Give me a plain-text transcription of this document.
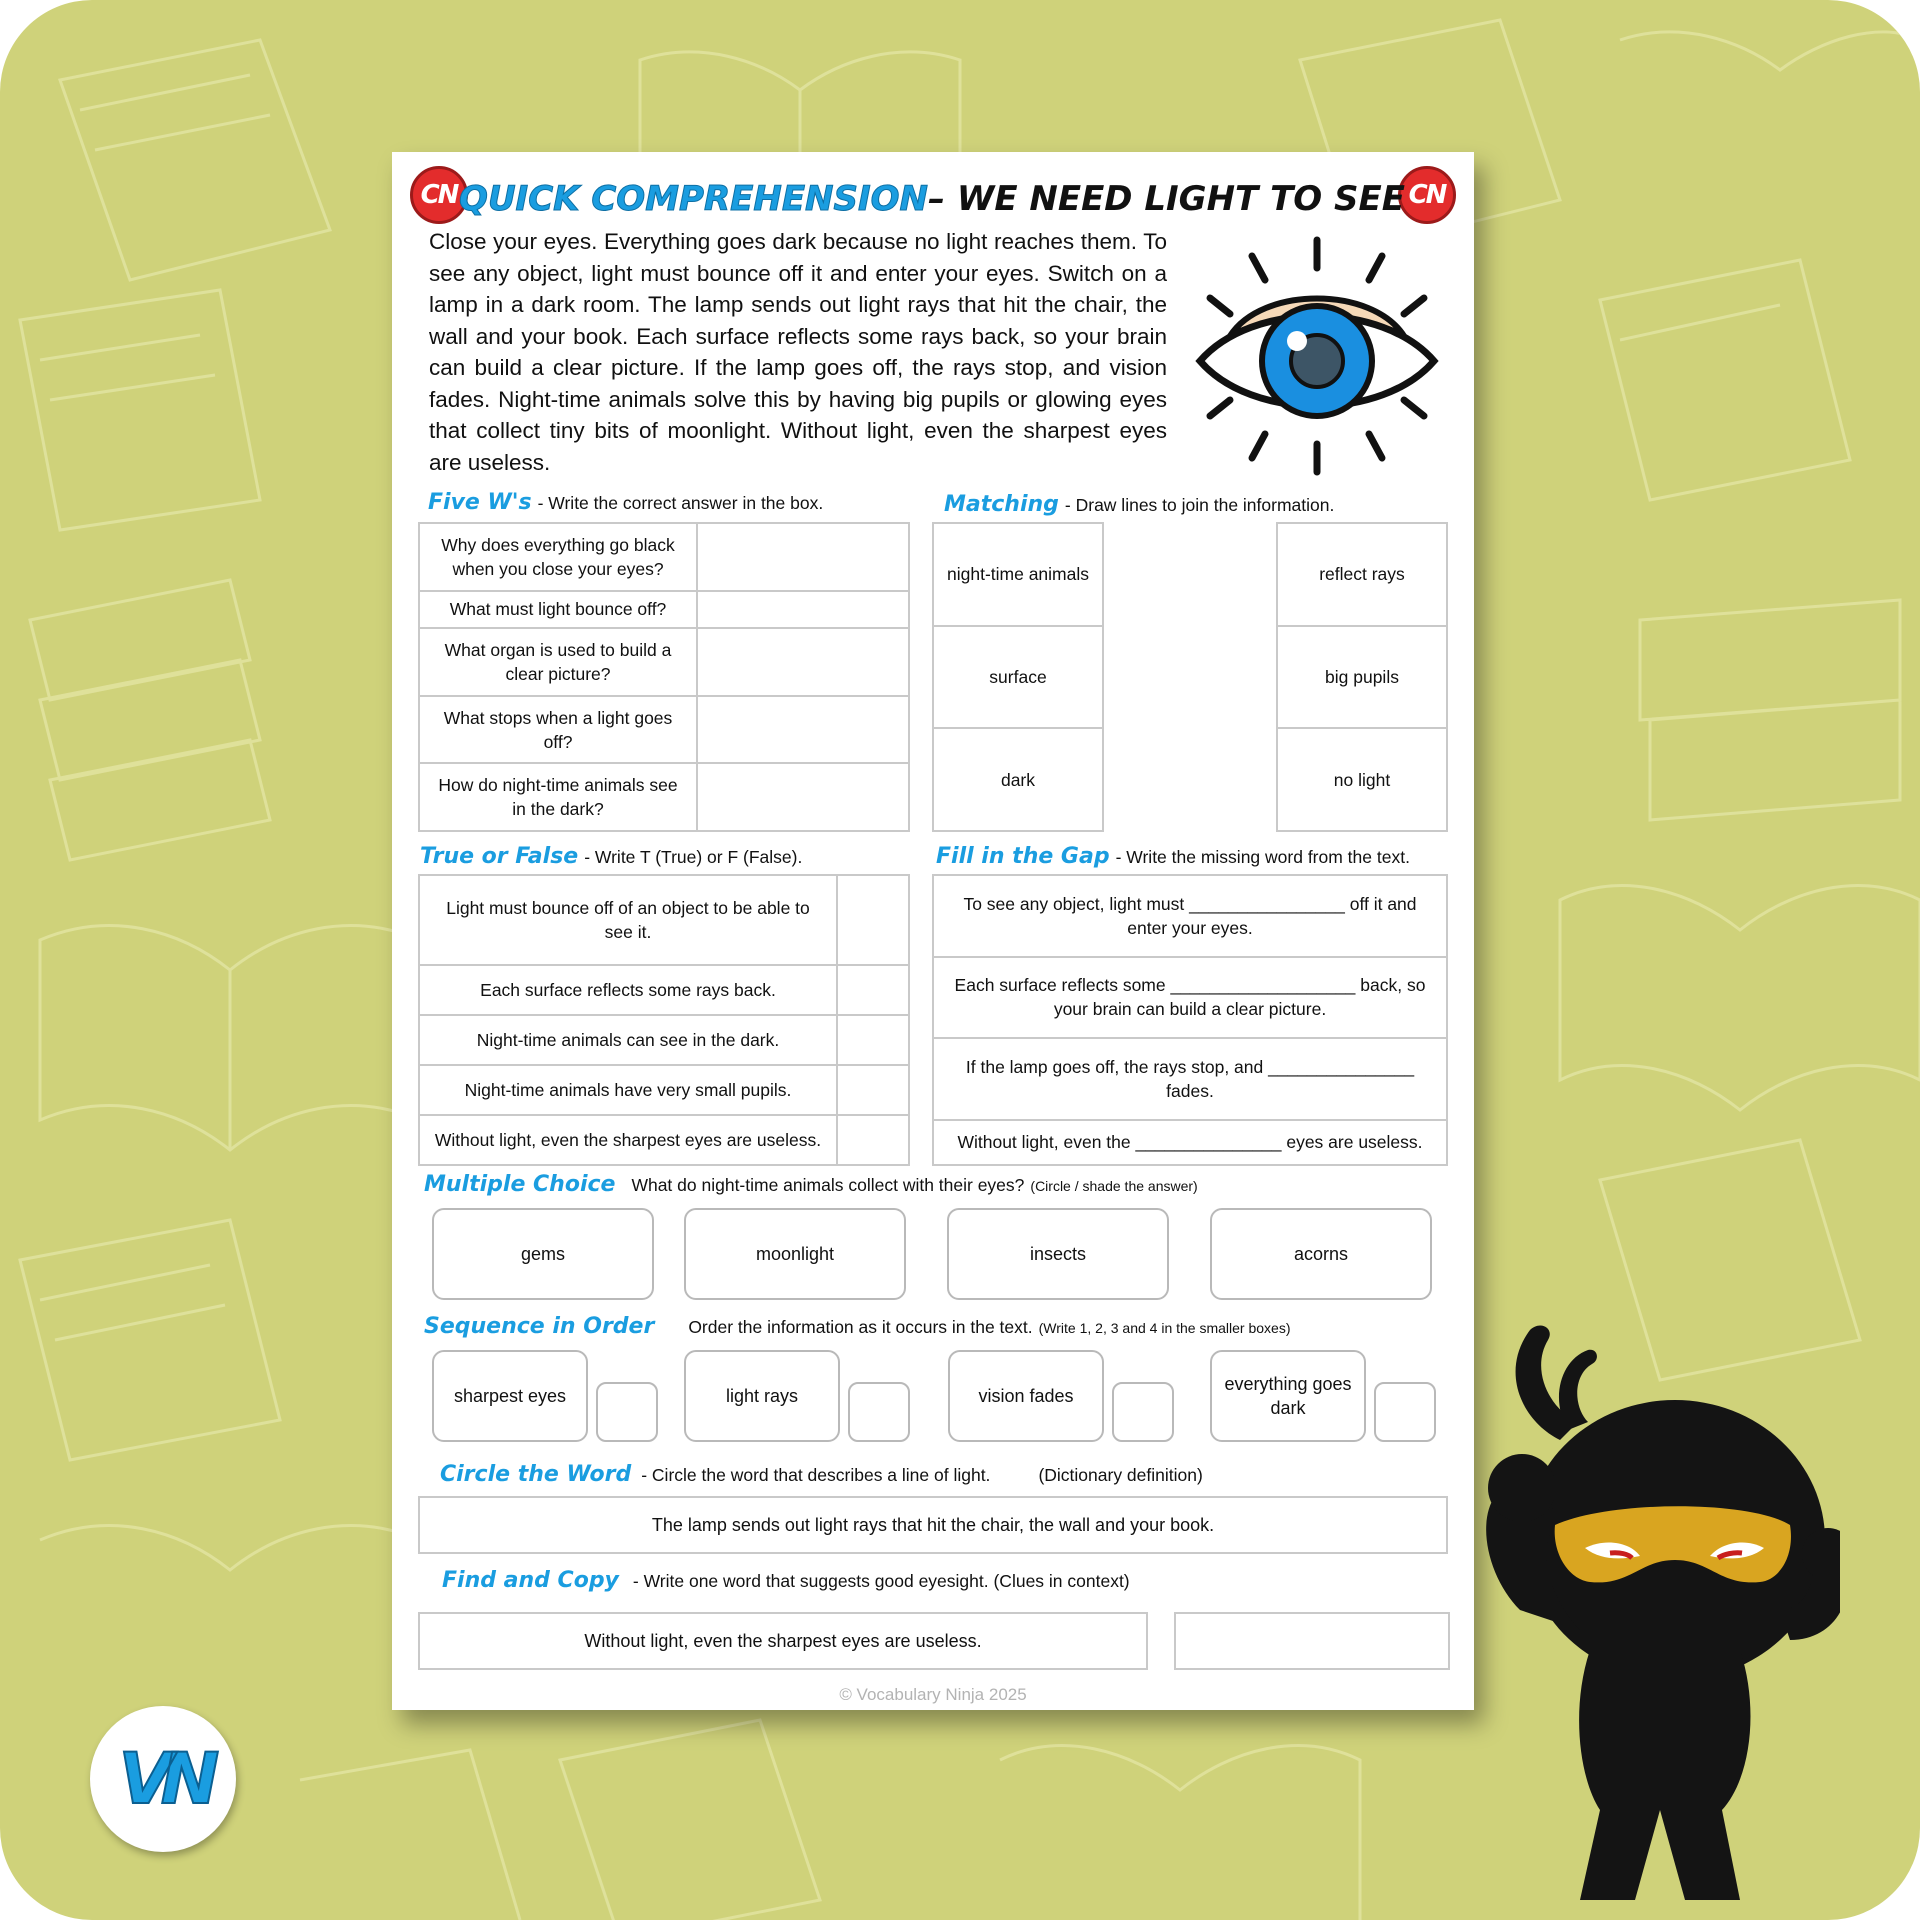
CN	CN
QUICK COMPREHENSION – WE NEED LIGHT TO SEE

Close your eyes. Everything goes dark because no light reaches them. To see any object, light must bounce off it and enter your eyes. Switch on a lamp in a dark room. The lamp sends out light rays that hit the chair, the wall and your book. Each surface reflects some rays back, so your brain can build a clear picture. If the lamp goes off, the rays stop, and vision fades. Night-time animals solve this by having big pupils or glowing eyes that collect tiny bits of moonlight. Without light, even the sharpest eyes are useless.

Five W's - Write the correct answer in the box.
Why does everything go black when you close your eyes?	
What must light bounce off?	
What organ is used to build a clear picture?	
What stops when a light goes off?	
How do night-time animals see in the dark?	
Matching - Draw lines to join the information.
night-time animals
surface
dark
reflect rays
big pupils
no light
True or False - Write T (True) or F (False).
Light must bounce off of an object to be able to see it.	
Each surface reflects some rays back.	
Night-time animals can see in the dark.	
Night-time animals have very small pupils.	
Without light, even the sharpest eyes are useless.	
Fill in the Gap - Write the missing word from the text.
To see any object, light must ________________ off it and enter your eyes.
Each surface reflects some ___________________ back, so your brain can build a clear picture.
If the lamp goes off, the rays stop, and _______________ fades.
Without light, even the _______________ eyes are useless.
Multiple Choice What do night-time animals collect with their eyes? (Circle / shade the answer)
gems	moonlight	insects	acorns
Sequence in Order Order the information as it occurs in the text. (Write 1, 2, 3 and 4 in the smaller boxes)
sharpest eyes	light rays	vision fades
everything goes dark
Circle the Word - Circle the word that describes a line of light.	(Dictionary definition)
The lamp sends out light rays that hit the chair, the wall and your book.
Find and Copy - Write one word that suggests good eyesight. (Clues in context)
Without light, even the sharpest eyes are useless.
© Vocabulary Ninja 2025
VN
